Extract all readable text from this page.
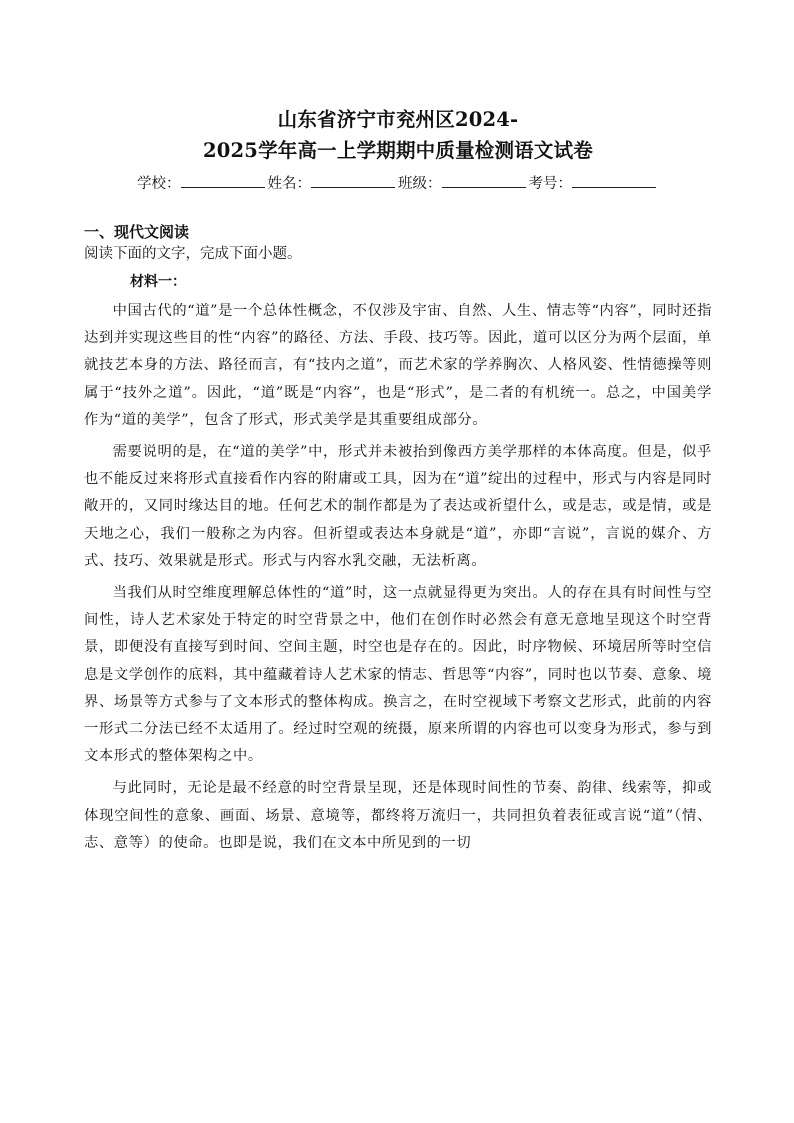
山东省济宁市兖州区2024-
2025学年高一上学期期中质量检测语文试卷
学校：	姓名：	班级：	考号：
一、现代文阅读
阅读下面的文字，完成下面小题。
材料一：

中国古代的“道”是一个总体性概念，不仅涉及宇宙、自然、人生、情志等“内容”，同时还指达到并实现这些目的性“内容”的路径、方法、手段、技巧等。因此，道可以区分为两个层面，单就技艺本身的方法、路径而言，有“技内之道”，而艺术家的学养胸次、人格风姿、性情德操等则属于“技外之道”。因此，“道”既是“内容”，也是“形式”，是二者的有机统一。总之，中国美学作为“道的美学”，包含了形式，形式美学是其重要组成部分。

需要说明的是，在“道的美学”中，形式并未被抬到像西方美学那样的本体高度。但是，似乎也不能反过来将形式直接看作内容的附庸或工具，因为在“道”绽出的过程中，形式与内容是同时敞开的，又同时缘达目的地。任何艺术的制作都是为了表达或祈望什么，或是志，或是情，或是天地之心，我们一般称之为内容。但祈望或表达本身就是“道”，亦即“言说”，言说的媒介、方式、技巧、效果就是形式。形式与内容水乳交融，无法析离。

当我们从时空维度理解总体性的“道”时，这一点就显得更为突出。人的存在具有时间性与空间性，诗人艺术家处于特定的时空背景之中，他们在创作时必然会有意无意地呈现这个时空背景，即便没有直接写到时间、空间主题，时空也是存在的。因此，时序物候、环境居所等时空信息是文学创作的底料，其中蕴藏着诗人艺术家的情志、哲思等“内容”，同时也以节奏、意象、境界、场景等方式参与了文本形式的整体构成。换言之，在时空视域下考察文艺形式，此前的内容一形式二分法已经不太适用了。经过时空观的统摄，原来所谓的内容也可以变身为形式，参与到文本形式的整体架构之中。

与此同时，无论是最不经意的时空背景呈现，还是体现时间性的节奏、韵律、线索等，抑或体现空间性的意象、画面、场景、意境等，都终将万流归一，共同担负着表征或言说“道”（情、志、意等）的使命。也即是说，我们在文本中所见到的一切
